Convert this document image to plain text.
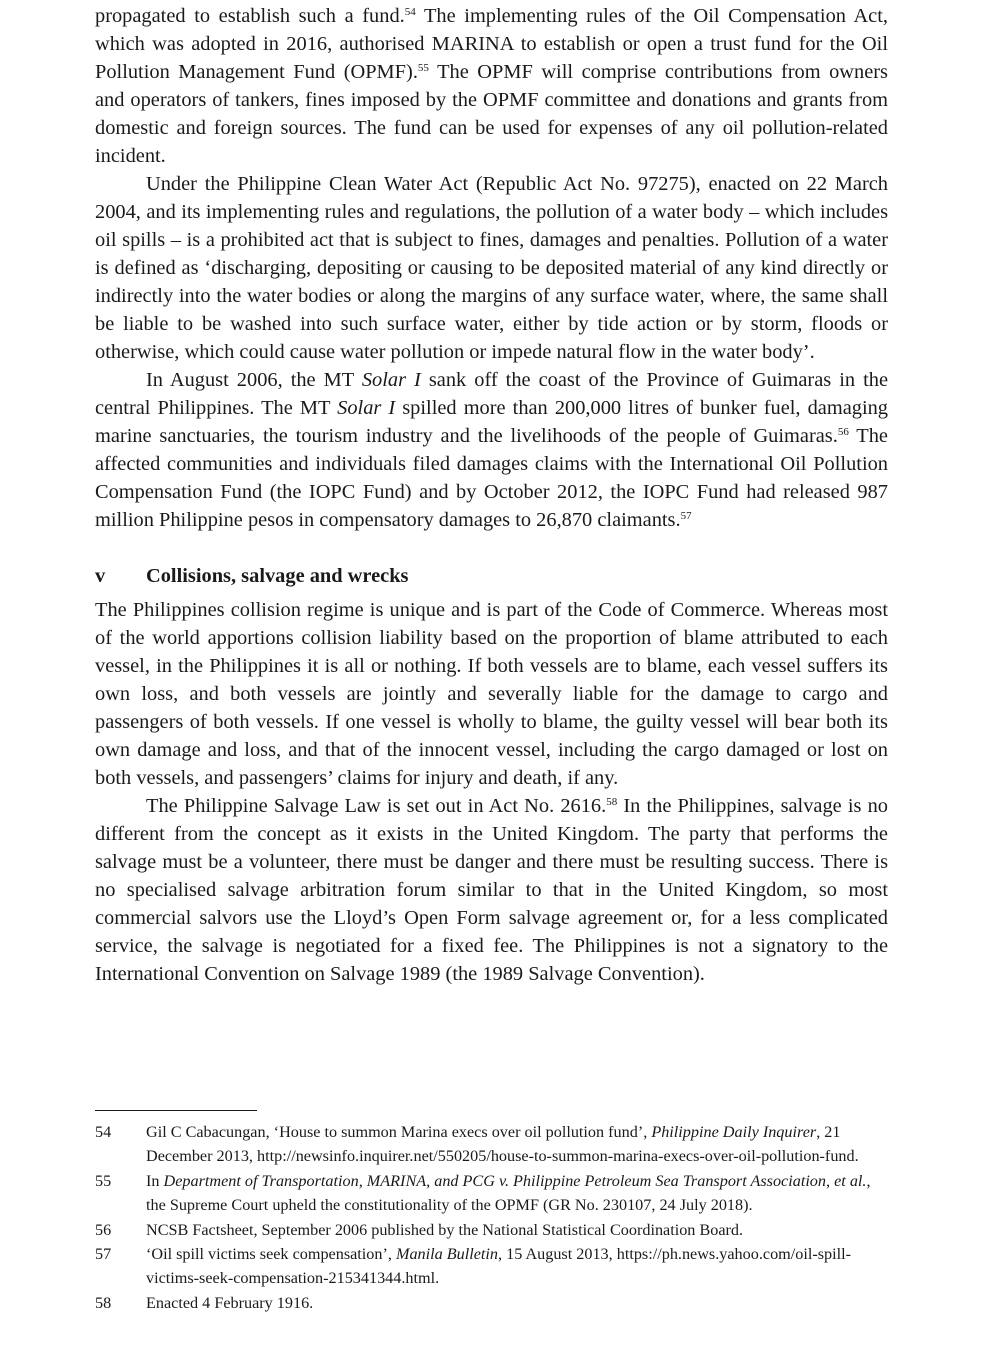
propagated to establish such a fund.$^{54}$ The implementing rules of the Oil Compensation Act, which was adopted in 2016, authorised MARINA to establish or open a trust fund for the Oil Pollution Management Fund (OPMF).$^{55}$ The OPMF will comprise contributions from owners and operators of tankers, fines imposed by the OPMF committee and donations and grants from domestic and foreign sources. The fund can be used for expenses of any oil pollution-related incident.

Under the Philippine Clean Water Act (Republic Act No. 97275), enacted on 22 March 2004, and its implementing rules and regulations, the pollution of a water body – which includes oil spills – is a prohibited act that is subject to fines, damages and penalties. Pollution of a water is defined as ‘discharging, depositing or causing to be deposited material of any kind directly or indirectly into the water bodies or along the margins of any surface water, where, the same shall be liable to be washed into such surface water, either by tide action or by storm, floods or otherwise, which could cause water pollution or impede natural flow in the water body’.

In August 2006, the MT Solar I sank off the coast of the Province of Guimaras in the central Philippines. The MT Solar I spilled more than 200,000 litres of bunker fuel, damaging marine sanctuaries, the tourism industry and the livelihoods of the people of Guimaras.$^{56}$ The affected communities and individuals filed damages claims with the International Oil Pollution Compensation Fund (the IOPC Fund) and by October 2012, the IOPC Fund had released 987 million Philippine pesos in compensatory damages to 26,870 claimants.$^{57}$

v	Collisions, salvage and wrecks

The Philippines collision regime is unique and is part of the Code of Commerce. Whereas most of the world apportions collision liability based on the proportion of blame attributed to each vessel, in the Philippines it is all or nothing. If both vessels are to blame, each vessel suffers its own loss, and both vessels are jointly and severally liable for the damage to cargo and passengers of both vessels. If one vessel is wholly to blame, the guilty vessel will bear both its own damage and loss, and that of the innocent vessel, including the cargo damaged or lost on both vessels, and passengers’ claims for injury and death, if any.

The Philippine Salvage Law is set out in Act No. 2616.58 In the Philippines, salvage is no different from the concept as it exists in the United Kingdom. The party that performs the salvage must be a volunteer, there must be danger and there must be resulting success. There is no specialised salvage arbitration forum similar to that in the United Kingdom, so most commercial salvors use the Lloyd’s Open Form salvage agreement or, for a less complicated service, the salvage is negotiated for a fixed fee. The Philippines is not a signatory to the International Convention on Salvage 1989 (the 1989 Salvage Convention).

54	Gil C Cabacungan, ‘House to summon Marina execs over oil pollution fund’, Philippine Daily Inquirer, 21 December 2013, http://newsinfo.inquirer.net/550205/house-to-summon-marina-execs-over-oil-pollution-fund.
55	In Department of Transportation, MARINA, and PCG v. Philippine Petroleum Sea Transport Association, et al., the Supreme Court upheld the constitutionality of the OPMF (GR No. 230107, 24 July 2018).
56	NCSB Factsheet, September 2006 published by the National Statistical Coordination Board.
57	‘Oil spill victims seek compensation’, Manila Bulletin, 15 August 2013, https://ph.news.yahoo.com/oil-spill-victims-seek-compensation-215341344.html.
58	Enacted 4 February 1916.
